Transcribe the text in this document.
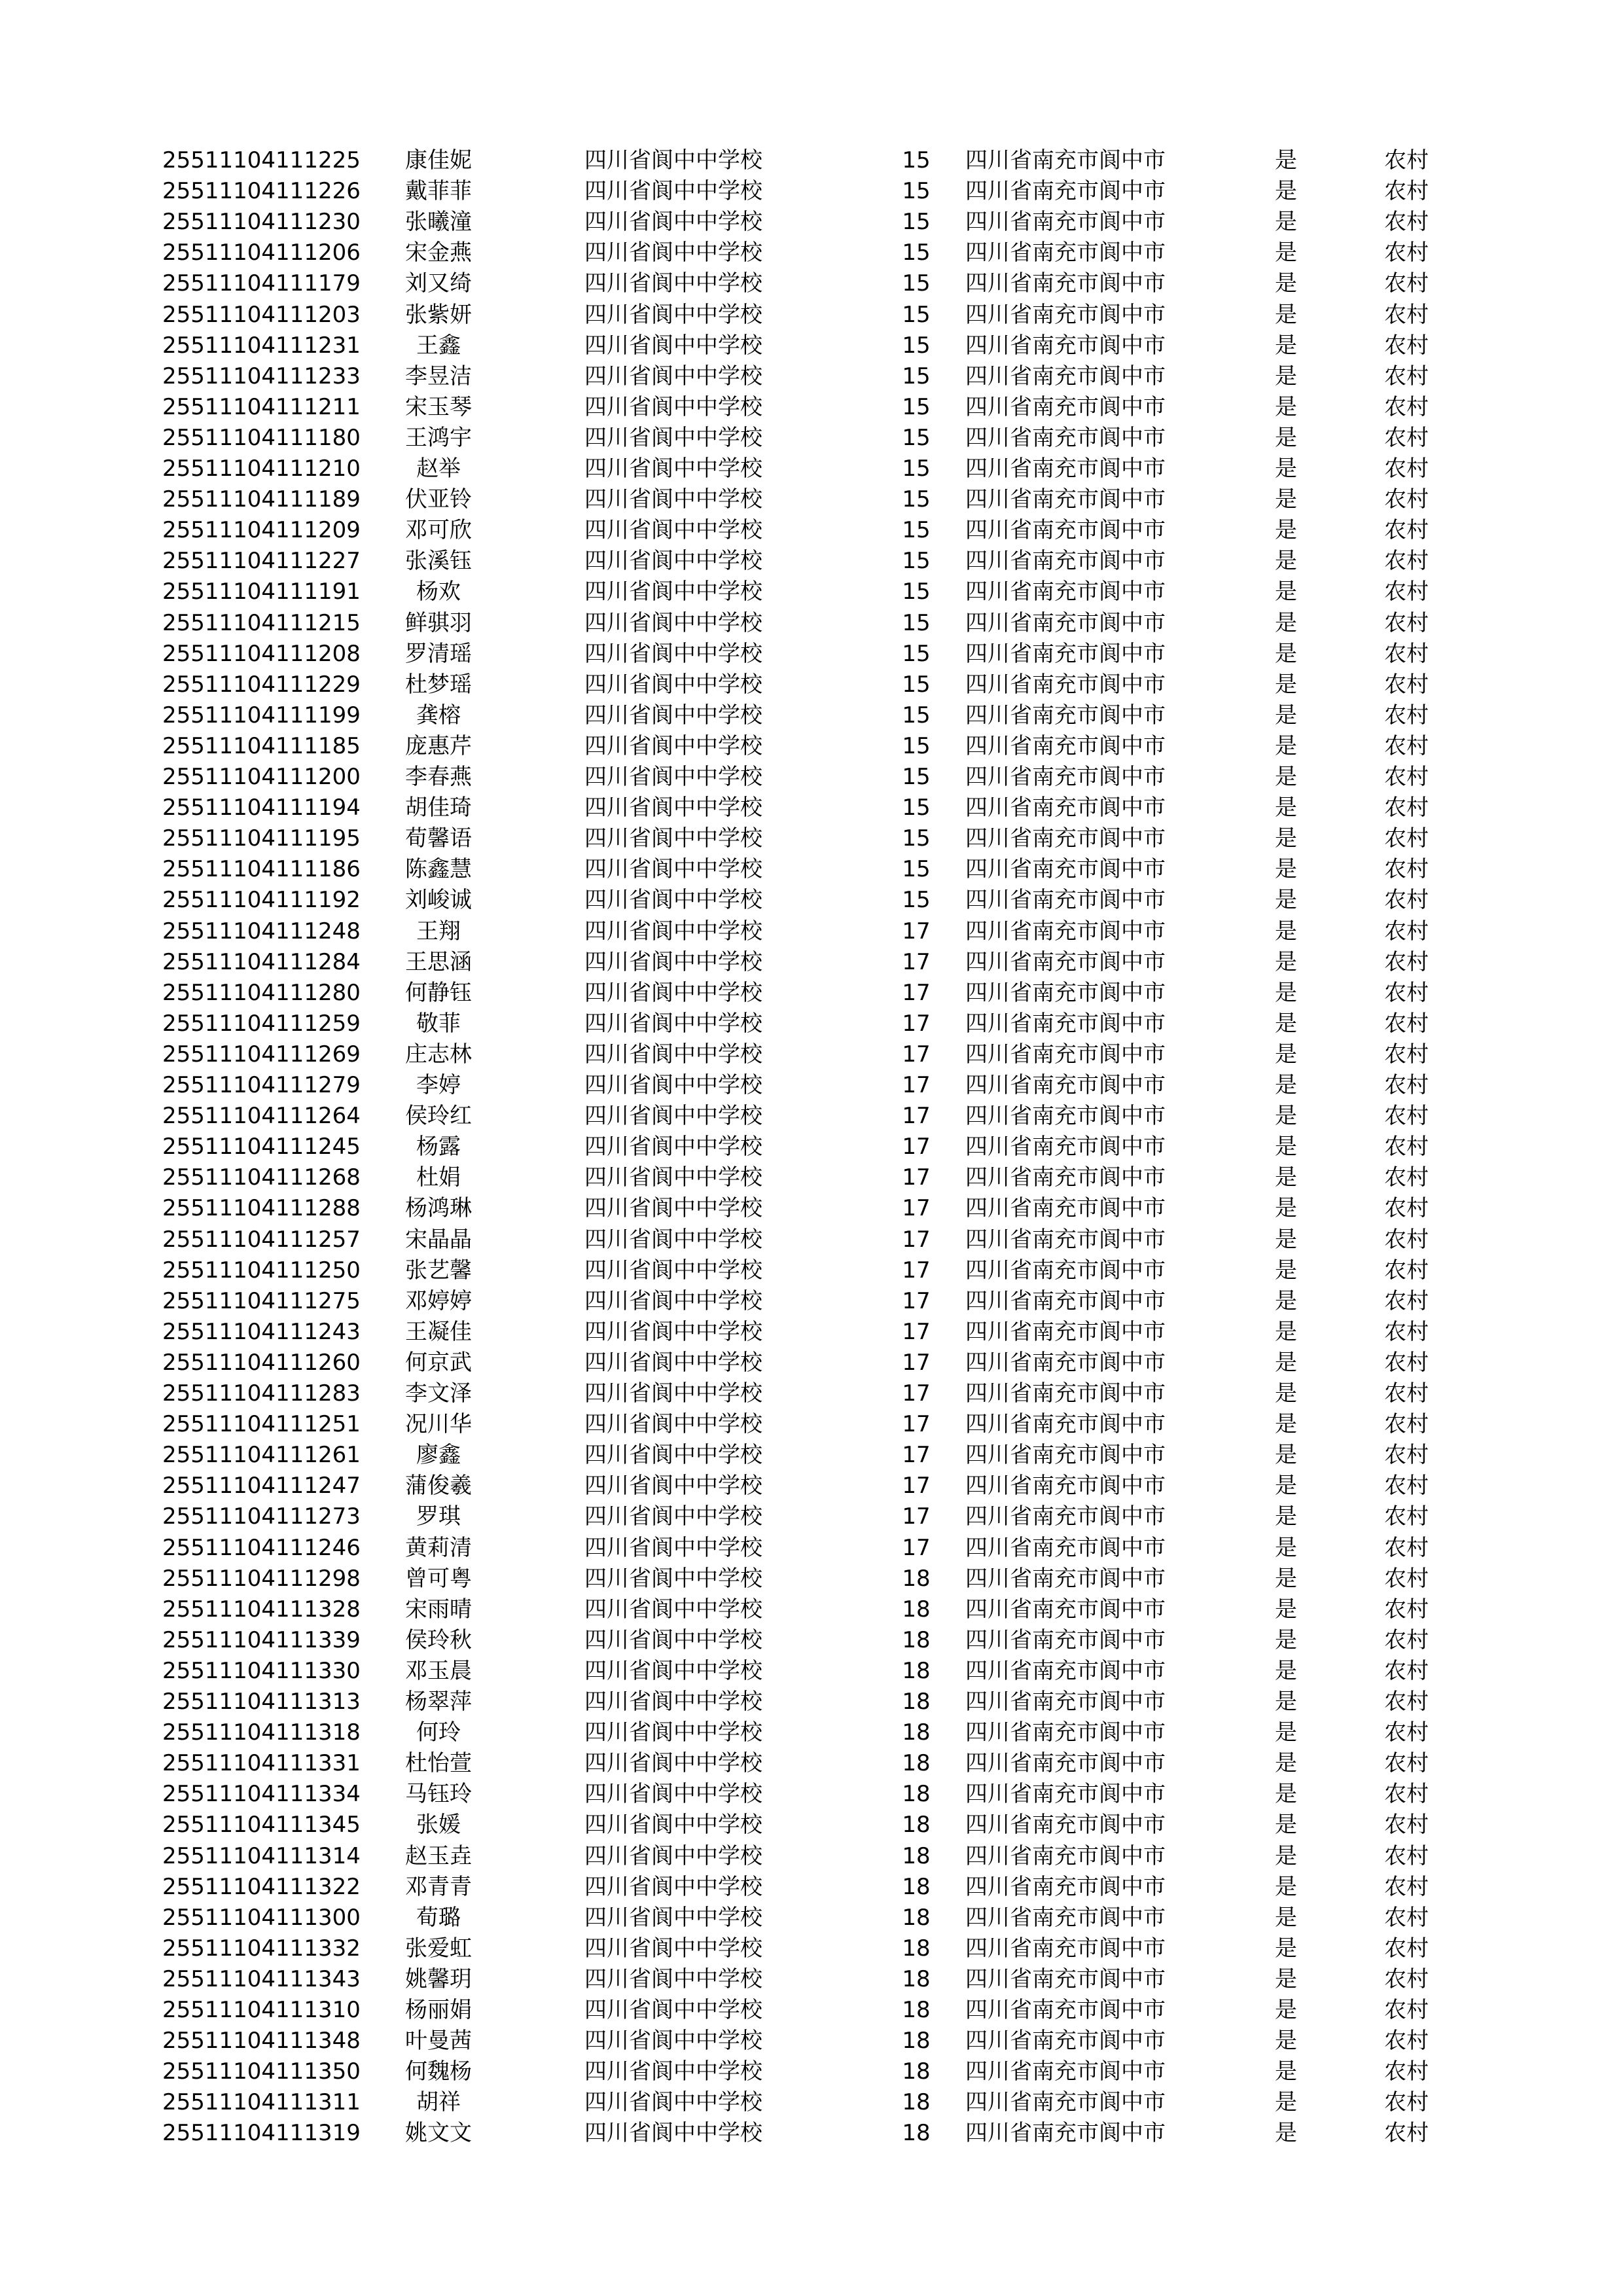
25511104111225	康佳妮	四川省阆中中学校	15	四川省南充市阆中市	是	农村
25511104111226	戴菲菲	四川省阆中中学校	15	四川省南充市阆中市	是	农村
25511104111230	张曦潼	四川省阆中中学校	15	四川省南充市阆中市	是	农村
25511104111206	宋金燕	四川省阆中中学校	15	四川省南充市阆中市	是	农村
25511104111179	刘又绮	四川省阆中中学校	15	四川省南充市阆中市	是	农村
25511104111203	张紫妍	四川省阆中中学校	15	四川省南充市阆中市	是	农村
25511104111231	王鑫	四川省阆中中学校	15	四川省南充市阆中市	是	农村
25511104111233	李昱洁	四川省阆中中学校	15	四川省南充市阆中市	是	农村
25511104111211	宋玉琴	四川省阆中中学校	15	四川省南充市阆中市	是	农村
25511104111180	王鸿宇	四川省阆中中学校	15	四川省南充市阆中市	是	农村
25511104111210	赵举	四川省阆中中学校	15	四川省南充市阆中市	是	农村
25511104111189	伏亚铃	四川省阆中中学校	15	四川省南充市阆中市	是	农村
25511104111209	邓可欣	四川省阆中中学校	15	四川省南充市阆中市	是	农村
25511104111227	张溪钰	四川省阆中中学校	15	四川省南充市阆中市	是	农村
25511104111191	杨欢	四川省阆中中学校	15	四川省南充市阆中市	是	农村
25511104111215	鲜骐羽	四川省阆中中学校	15	四川省南充市阆中市	是	农村
25511104111208	罗清瑶	四川省阆中中学校	15	四川省南充市阆中市	是	农村
25511104111229	杜梦瑶	四川省阆中中学校	15	四川省南充市阆中市	是	农村
25511104111199	龚榕	四川省阆中中学校	15	四川省南充市阆中市	是	农村
25511104111185	庞惠芹	四川省阆中中学校	15	四川省南充市阆中市	是	农村
25511104111200	李春燕	四川省阆中中学校	15	四川省南充市阆中市	是	农村
25511104111194	胡佳琦	四川省阆中中学校	15	四川省南充市阆中市	是	农村
25511104111195	荀馨语	四川省阆中中学校	15	四川省南充市阆中市	是	农村
25511104111186	陈鑫慧	四川省阆中中学校	15	四川省南充市阆中市	是	农村
25511104111192	刘峻诚	四川省阆中中学校	15	四川省南充市阆中市	是	农村
25511104111248	王翔	四川省阆中中学校	17	四川省南充市阆中市	是	农村
25511104111284	王思涵	四川省阆中中学校	17	四川省南充市阆中市	是	农村
25511104111280	何静钰	四川省阆中中学校	17	四川省南充市阆中市	是	农村
25511104111259	敬菲	四川省阆中中学校	17	四川省南充市阆中市	是	农村
25511104111269	庄志林	四川省阆中中学校	17	四川省南充市阆中市	是	农村
25511104111279	李婷	四川省阆中中学校	17	四川省南充市阆中市	是	农村
25511104111264	侯玲红	四川省阆中中学校	17	四川省南充市阆中市	是	农村
25511104111245	杨露	四川省阆中中学校	17	四川省南充市阆中市	是	农村
25511104111268	杜娟	四川省阆中中学校	17	四川省南充市阆中市	是	农村
25511104111288	杨鸿琳	四川省阆中中学校	17	四川省南充市阆中市	是	农村
25511104111257	宋晶晶	四川省阆中中学校	17	四川省南充市阆中市	是	农村
25511104111250	张艺馨	四川省阆中中学校	17	四川省南充市阆中市	是	农村
25511104111275	邓婷婷	四川省阆中中学校	17	四川省南充市阆中市	是	农村
25511104111243	王凝佳	四川省阆中中学校	17	四川省南充市阆中市	是	农村
25511104111260	何京武	四川省阆中中学校	17	四川省南充市阆中市	是	农村
25511104111283	李文泽	四川省阆中中学校	17	四川省南充市阆中市	是	农村
25511104111251	况川华	四川省阆中中学校	17	四川省南充市阆中市	是	农村
25511104111261	廖鑫	四川省阆中中学校	17	四川省南充市阆中市	是	农村
25511104111247	蒲俊羲	四川省阆中中学校	17	四川省南充市阆中市	是	农村
25511104111273	罗琪	四川省阆中中学校	17	四川省南充市阆中市	是	农村
25511104111246	黄莉清	四川省阆中中学校	17	四川省南充市阆中市	是	农村
25511104111298	曾可粤	四川省阆中中学校	18	四川省南充市阆中市	是	农村
25511104111328	宋雨晴	四川省阆中中学校	18	四川省南充市阆中市	是	农村
25511104111339	侯玲秋	四川省阆中中学校	18	四川省南充市阆中市	是	农村
25511104111330	邓玉晨	四川省阆中中学校	18	四川省南充市阆中市	是	农村
25511104111313	杨翠萍	四川省阆中中学校	18	四川省南充市阆中市	是	农村
25511104111318	何玲	四川省阆中中学校	18	四川省南充市阆中市	是	农村
25511104111331	杜怡萱	四川省阆中中学校	18	四川省南充市阆中市	是	农村
25511104111334	马钰玲	四川省阆中中学校	18	四川省南充市阆中市	是	农村
25511104111345	张媛	四川省阆中中学校	18	四川省南充市阆中市	是	农村
25511104111314	赵玉垚	四川省阆中中学校	18	四川省南充市阆中市	是	农村
25511104111322	邓青青	四川省阆中中学校	18	四川省南充市阆中市	是	农村
25511104111300	荀璐	四川省阆中中学校	18	四川省南充市阆中市	是	农村
25511104111332	张爱虹	四川省阆中中学校	18	四川省南充市阆中市	是	农村
25511104111343	姚馨玥	四川省阆中中学校	18	四川省南充市阆中市	是	农村
25511104111310	杨丽娟	四川省阆中中学校	18	四川省南充市阆中市	是	农村
25511104111348	叶曼茜	四川省阆中中学校	18	四川省南充市阆中市	是	农村
25511104111350	何魏杨	四川省阆中中学校	18	四川省南充市阆中市	是	农村
25511104111311	胡祥	四川省阆中中学校	18	四川省南充市阆中市	是	农村
25511104111319	姚文文	四川省阆中中学校	18	四川省南充市阆中市	是	农村
